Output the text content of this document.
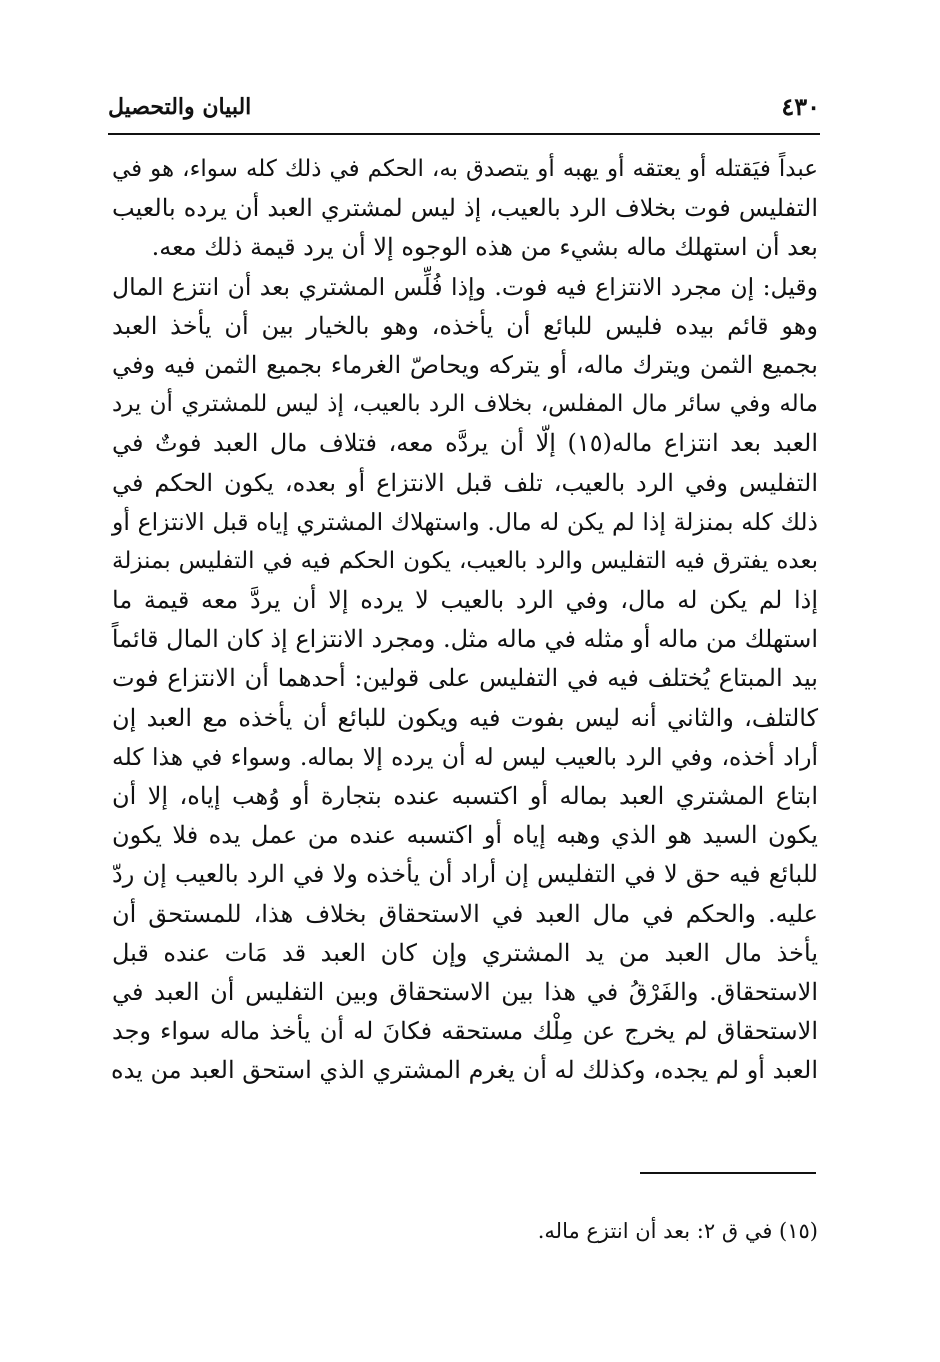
٤٣٠
البيان والتحصيل
عبداً فيَقتله أو يعتقه أو يهبه أو يتصدق به، الحكم في ذلك كله سواء، هو في
التفليس فوت بخلاف الرد بالعيب، إذ ليس لمشتري العبد أن يرده بالعيب
بعد أن استهلك ماله بشيء من هذه الوجوه إلا أن يرد قيمة ذلك معه.
وقيل: إن مجرد الانتزاع فيه فوت. وإذا فُلِّس المشتري بعد أن انتزع المال
وهو قائم بيده فليس للبائع أن يأخذه، وهو بالخيار بين أن يأخذ العبد
بجميع الثمن ويترك ماله، أو يتركه ويحاصّ الغرماء بجميع الثمن فيه وفي
ماله وفي سائر مال المفلس، بخلاف الرد بالعيب، إذ ليس للمشتري أن يرد
العبد بعد انتزاع ماله(١٥) إلّا أن يردَّه معه، فتلاف مال العبد فوتٌ في
التفليس وفي الرد بالعيب، تلف قبل الانتزاع أو بعده، يكون الحكم في
ذلك كله بمنزلة إذا لم يكن له مال. واستهلاك المشتري إياه قبل الانتزاع أو
بعده يفترق فيه التفليس والرد بالعيب، يكون الحكم فيه في التفليس بمنزلة
إذا لم يكن له مال، وفي الرد بالعيب لا يرده إلا أن يردَّ معه قيمة ما
استهلك من ماله أو مثله في ماله مثل. ومجرد الانتزاع إذ كان المال قائماً
بيد المبتاع يُختلف فيه في التفليس على قولين: أحدهما أن الانتزاع فوت
كالتلف، والثاني أنه ليس بفوت فيه ويكون للبائع أن يأخذه مع العبد إن
أراد أخذه، وفي الرد بالعيب ليس له أن يرده إلا بماله. وسواء في هذا كله
ابتاع المشتري العبد بماله أو اكتسبه عنده بتجارة أو وُهب إياه، إلا أن
يكون السيد هو الذي وهبه إياه أو اكتسبه عنده من عمل يده فلا يكون
للبائع فيه حق لا في التفليس إن أراد أن يأخذه ولا في الرد بالعيب إن ردّ
عليه. والحكم في مال العبد في الاستحقاق بخلاف هذا، للمستحق أن
يأخذ مال العبد من يد المشتري وإن كان العبد قد مَات عنده قبل
الاستحقاق. والفَرْقُ في هذا بين الاستحقاق وبين التفليس أن العبد في
الاستحقاق لم يخرج عن مِلْك مستحقه فكانَ له أن يأخذ ماله سواء وجد
العبد أو لم يجده، وكذلك له أن يغرم المشتري الذي استحق العبد من يده
(١٥) في ق ٢: بعد أن انتزع ماله.
